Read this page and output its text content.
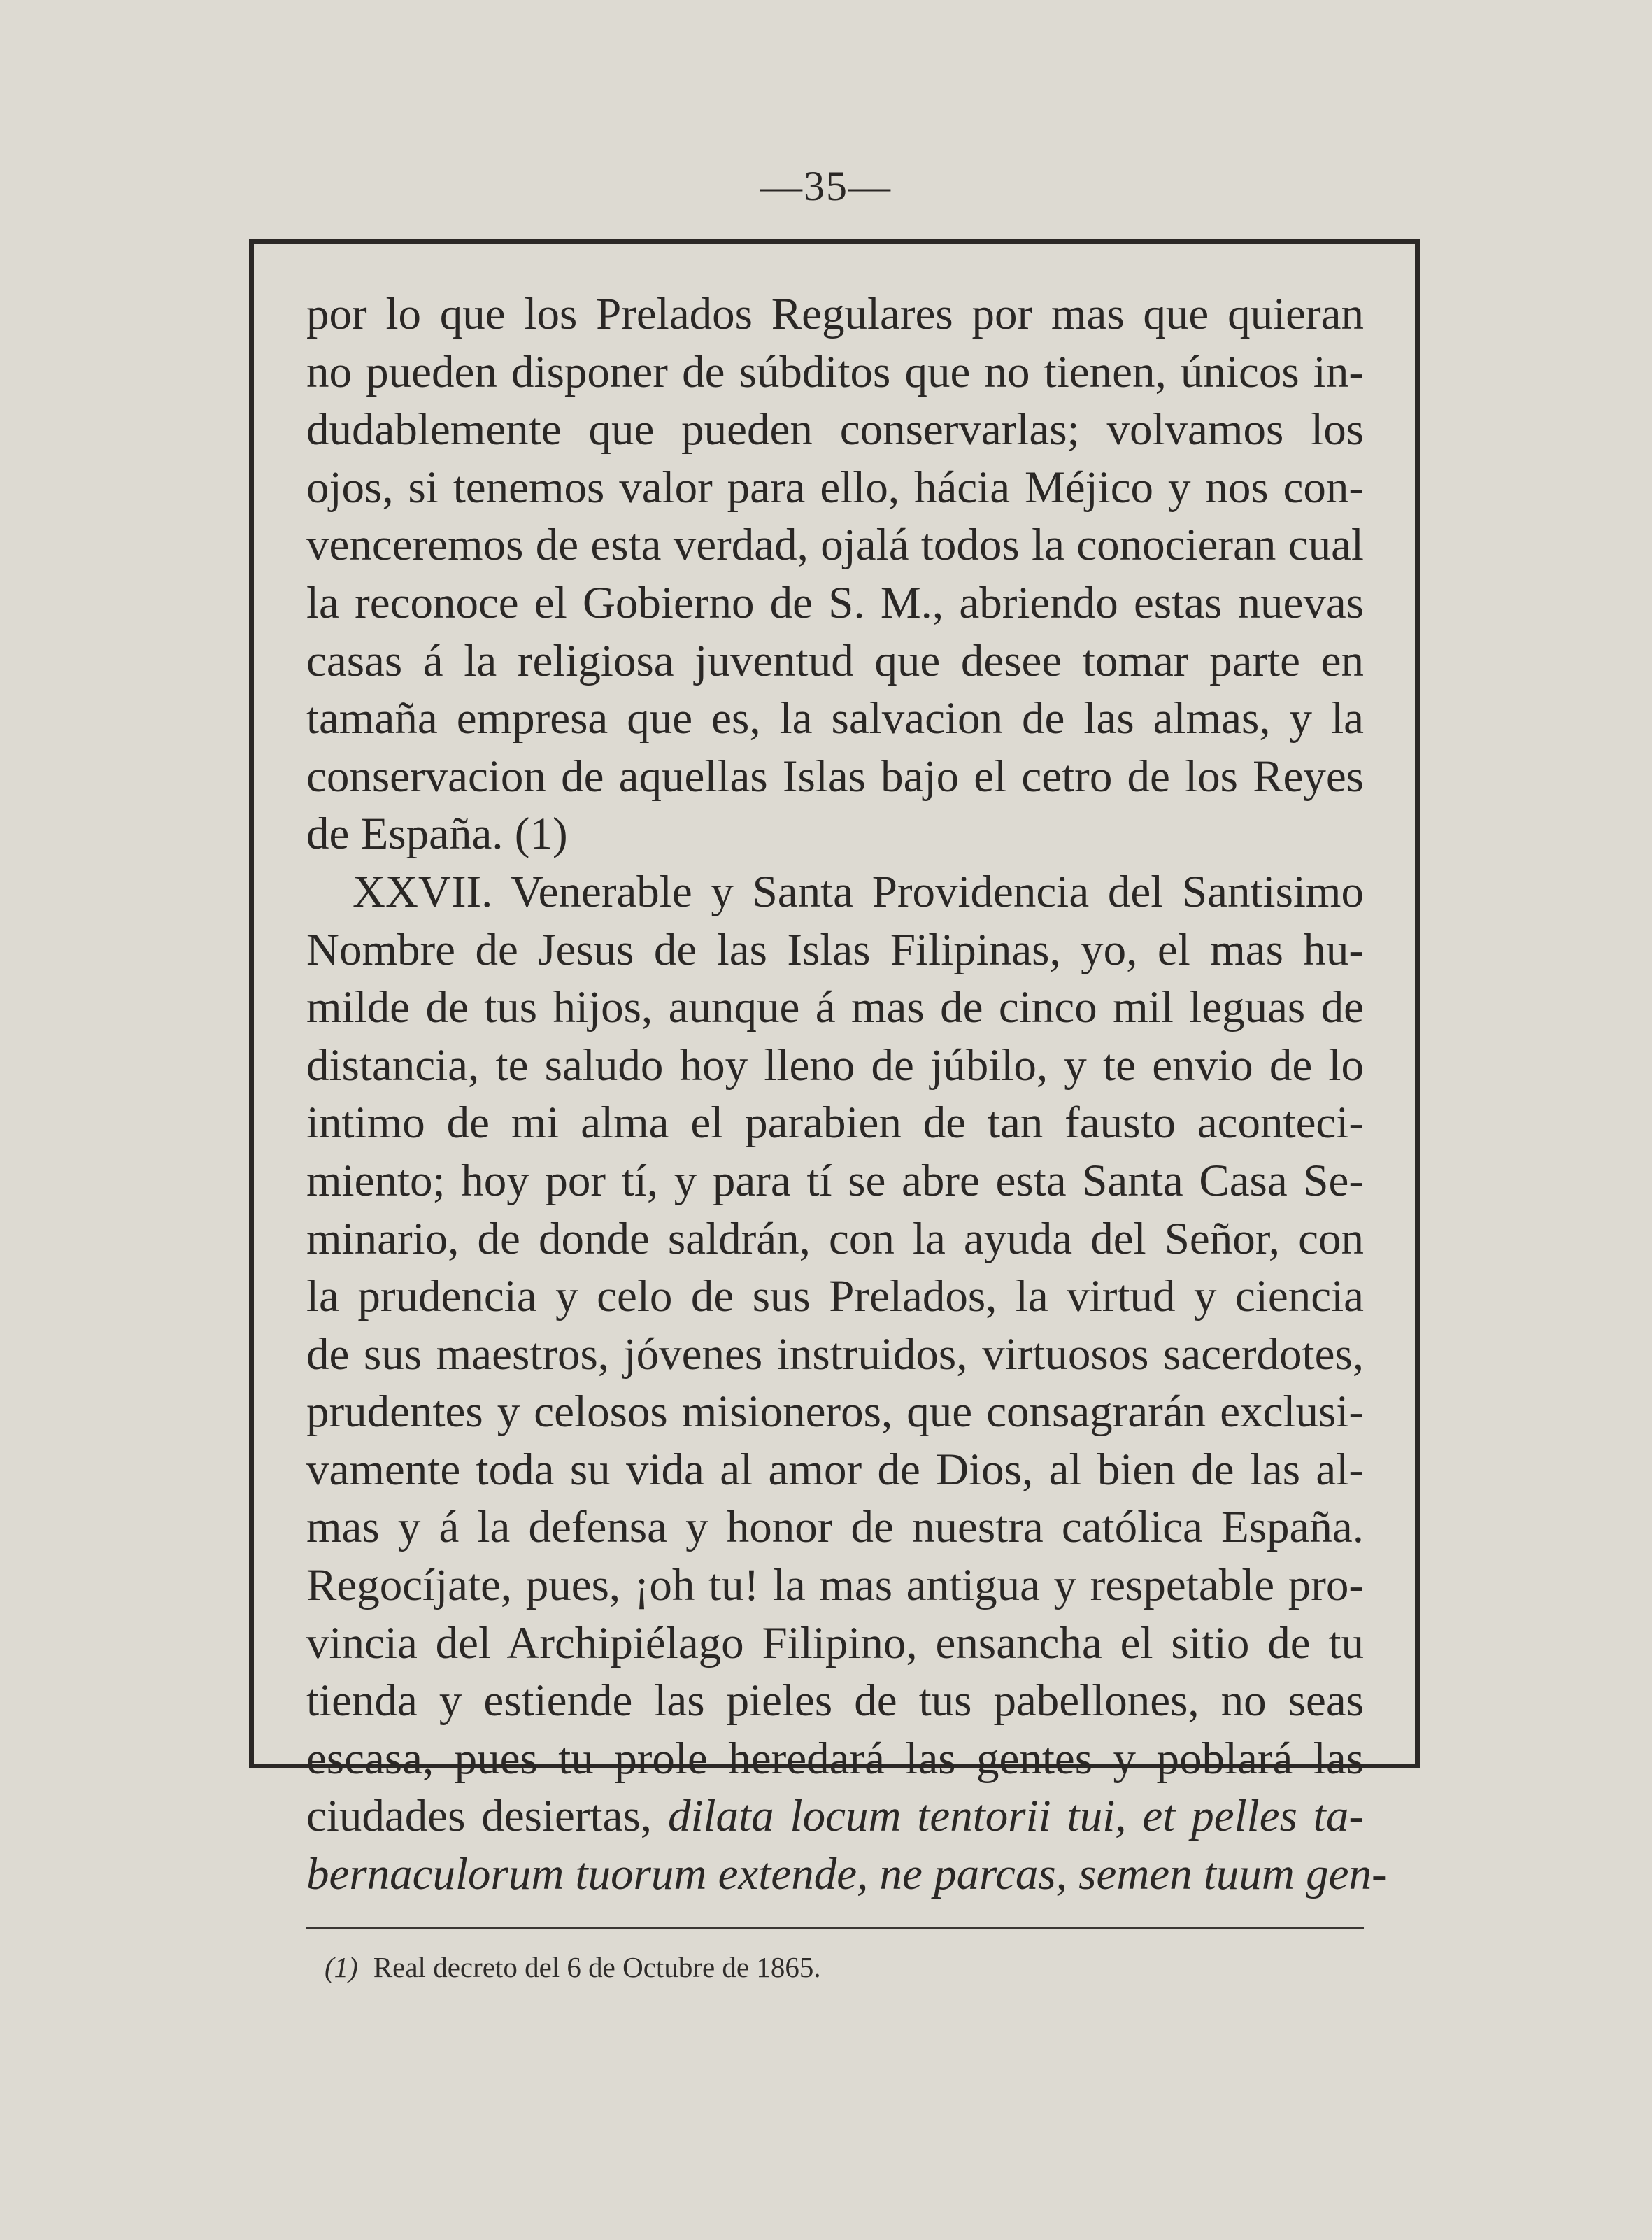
—35—
por lo que los Prelados Regulares por mas que quieran
no pueden disponer de súbditos que no tienen, únicos in-
dudablemente que pueden conservarlas; volvamos los
ojos, si tenemos valor para ello, hácia Méjico y nos con-
venceremos de esta verdad, ojalá todos la conocieran cual
la reconoce el Gobierno de S. M., abriendo estas nuevas
casas á la religiosa juventud que desee tomar parte en
tamaña empresa que es, la salvacion de las almas, y la
conservacion de aquellas Islas bajo el cetro de los Reyes
de España. (1)
XXVII. Venerable y Santa Providencia del Santisimo
Nombre de Jesus de las Islas Filipinas, yo, el mas hu-
milde de tus hijos, aunque á mas de cinco mil leguas de
distancia, te saludo hoy lleno de júbilo, y te envio de lo
intimo de mi alma el parabien de tan fausto aconteci-
miento; hoy por tí, y para tí se abre esta Santa Casa Se-
minario, de donde saldrán, con la ayuda del Señor, con
la prudencia y celo de sus Prelados, la virtud y ciencia
de sus maestros, jóvenes instruidos, virtuosos sacerdotes,
prudentes y celosos misioneros, que consagrarán exclusi-
vamente toda su vida al amor de Dios, al bien de las al-
mas y á la defensa y honor de nuestra católica España.
Regocíjate, pues, ¡oh tu! la mas antigua y respetable pro-
vincia del Archipiélago Filipino, ensancha el sitio de tu
tienda y estiende las pieles de tus pabellones, no seas
escasa, pues tu prole heredará las gentes y poblará las
ciudades desiertas, dilata locum tentorii tui, et pelles ta-
bernaculorum tuorum extende, ne parcas, semen tuum gen-
(1) Real decreto del 6 de Octubre de 1865.
